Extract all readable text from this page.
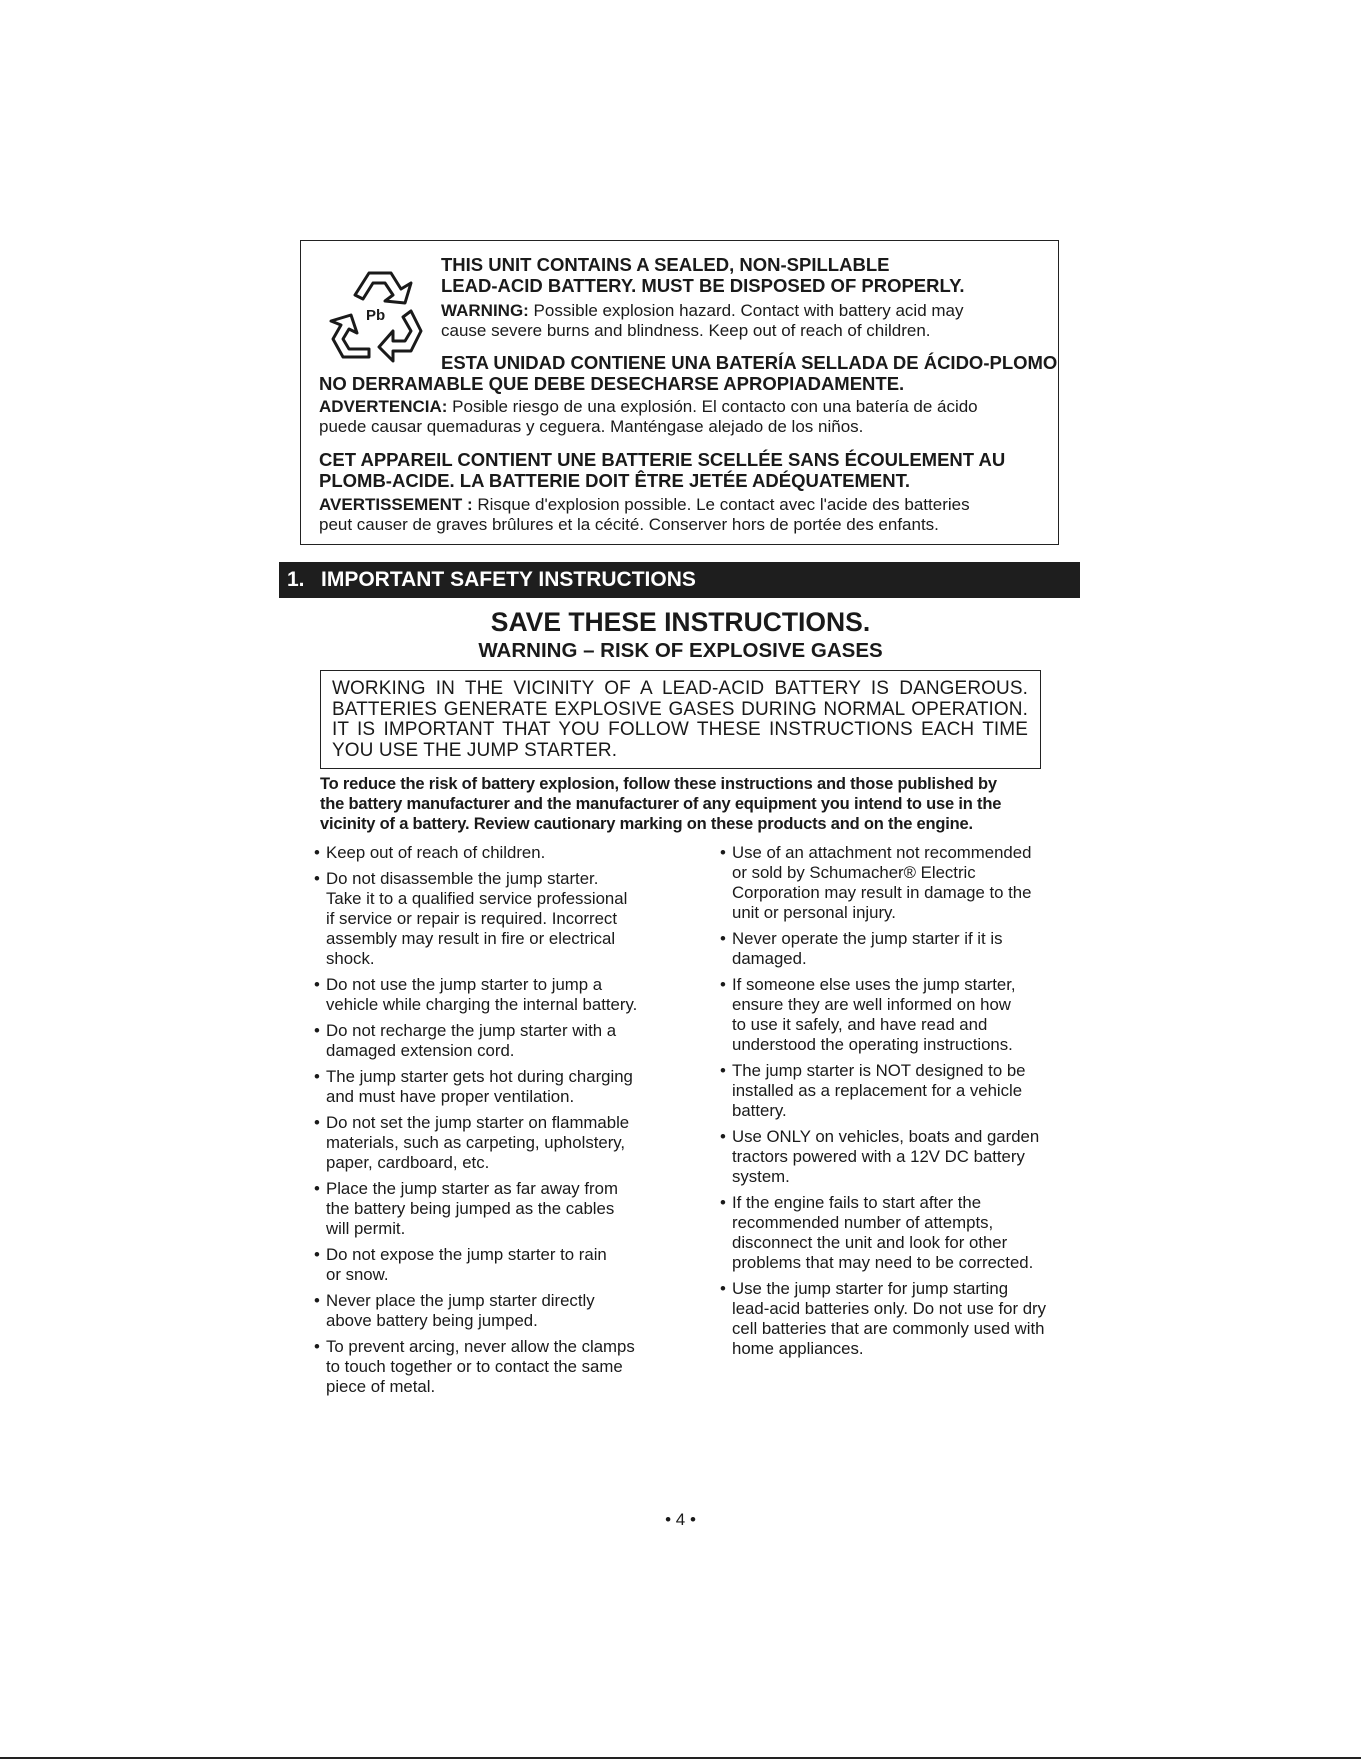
Pb
THIS UNIT CONTAINS A SEALED, NON-SPILLABLE
LEAD-ACID BATTERY. MUST BE DISPOSED OF PROPERLY.
WARNING: Possible explosion hazard. Contact with battery acid may
cause severe burns and blindness. Keep out of reach of children.
ESTA UNIDAD CONTIENE UNA BATERÍA SELLADA DE ÁCIDO-PLOMO
NO DERRAMABLE QUE DEBE DESECHARSE APROPIADAMENTE.
ADVERTENCIA: Posible riesgo de una explosión. El contacto con una batería de ácido
puede causar quemaduras y ceguera. Manténgase alejado de los niños.
CET APPAREIL CONTIENT UNE BATTERIE SCELLÉE SANS ÉCOULEMENT AU
PLOMB-ACIDE. LA BATTERIE DOIT ÊTRE JETÉE ADÉQUATEMENT.
AVERTISSEMENT : Risque d'explosion possible. Le contact avec l'acide des batteries
peut causer de graves brûlures et la cécité. Conserver hors de portée des enfants.
1. IMPORTANT SAFETY INSTRUCTIONS
SAVE THESE INSTRUCTIONS.
WARNING – RISK OF EXPLOSIVE GASES
WORKING IN THE VICINITY OF A LEAD-ACID BATTERY IS DANGEROUS.
BATTERIES GENERATE EXPLOSIVE GASES DURING NORMAL OPERATION.
IT IS IMPORTANT THAT YOU FOLLOW THESE INSTRUCTIONS EACH TIME
YOU USE THE JUMP STARTER.
To reduce the risk of battery explosion, follow these instructions and those published by
the battery manufacturer and the manufacturer of any equipment you intend to use in the
vicinity of a battery. Review cautionary marking on these products and on the engine.
• Keep out of reach of children.
• Do not disassemble the jump starter.
Take it to a qualified service professional
if service or repair is required. Incorrect
assembly may result in fire or electrical
shock.
• Do not use the jump starter to jump a
vehicle while charging the internal battery.
• Do not recharge the jump starter with a
damaged extension cord.
• The jump starter gets hot during charging
and must have proper ventilation.
• Do not set the jump starter on flammable
materials, such as carpeting, upholstery,
paper, cardboard, etc.
• Place the jump starter as far away from
the battery being jumped as the cables
will permit.
• Do not expose the jump starter to rain
or snow.
• Never place the jump starter directly
above battery being jumped.
• To prevent arcing, never allow the clamps
to touch together or to contact the same
piece of metal.
• Use of an attachment not recommended
or sold by Schumacher® Electric
Corporation may result in damage to the
unit or personal injury.
• Never operate the jump starter if it is
damaged.
• If someone else uses the jump starter,
ensure they are well informed on how
to use it safely, and have read and
understood the operating instructions.
• The jump starter is NOT designed to be
installed as a replacement for a vehicle
battery.
• Use ONLY on vehicles, boats and garden
tractors powered with a 12V DC battery
system.
• If the engine fails to start after the
recommended number of attempts,
disconnect the unit and look for other
problems that may need to be corrected.
• Use the jump starter for jump starting
lead-acid batteries only. Do not use for dry
cell batteries that are commonly used with
home appliances.
• 4 •
